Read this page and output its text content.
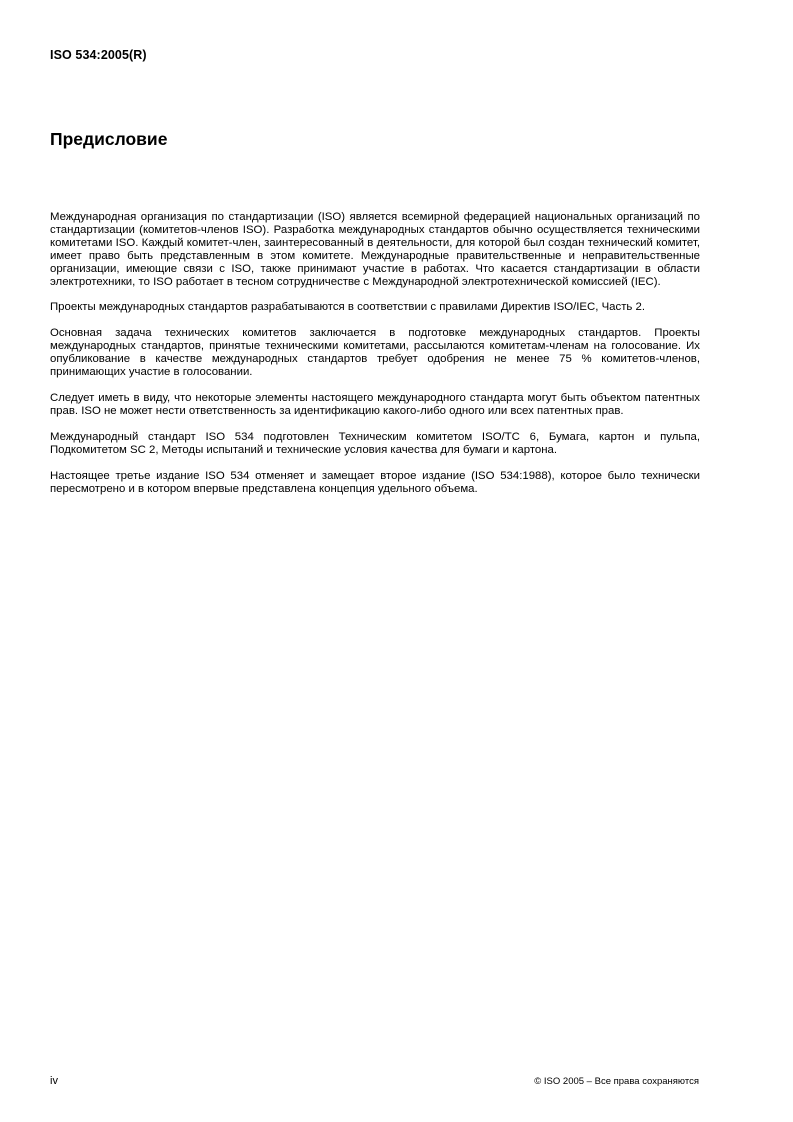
ISO 534:2005(R)
Предисловие

Международная организация по стандартизации (ISO) является всемирной федерацией национальных организаций по стандартизации (комитетов-членов ISO). Разработка международных стандартов обычно осуществляется техническими комитетами ISO. Каждый комитет-член, заинтересованный в деятельности, для которой был создан технический комитет, имеет право быть представленным в этом комитете. Международные правительственные и неправительственные организации, имеющие связи с ISO, также принимают участие в работах. Что касается стандартизации в области электротехники, то ISO работает в тесном сотрудничестве с Международной электротехнической комиссией (IEC).

Проекты международных стандартов разрабатываются в соответствии с правилами Директив ISO/IEC, Часть 2.

Основная задача технических комитетов заключается в подготовке международных стандартов. Проекты международных стандартов, принятые техническими комитетами, рассылаются комитетам-членам на голосование. Их опубликование в качестве международных стандартов требует одобрения не менее 75 % комитетов-членов, принимающих участие в голосовании.

Следует иметь в виду, что некоторые элементы настоящего международного стандарта могут быть объектом патентных прав. ISO не может нести ответственность за идентификацию какого-либо одного или всех патентных прав.

Международный стандарт ISO 534 подготовлен Техническим комитетом ISO/TC 6, Бумага, картон и пульпа, Подкомитетом SC 2, Методы испытаний и технические условия качества для бумаги и картона.

Настоящее третье издание ISO 534 отменяет и замещает второе издание (ISO 534:1988), которое было технически пересмотрено и в котором впервые представлена концепция удельного объема.

iv	© ISO 2005 – Все права сохраняются
